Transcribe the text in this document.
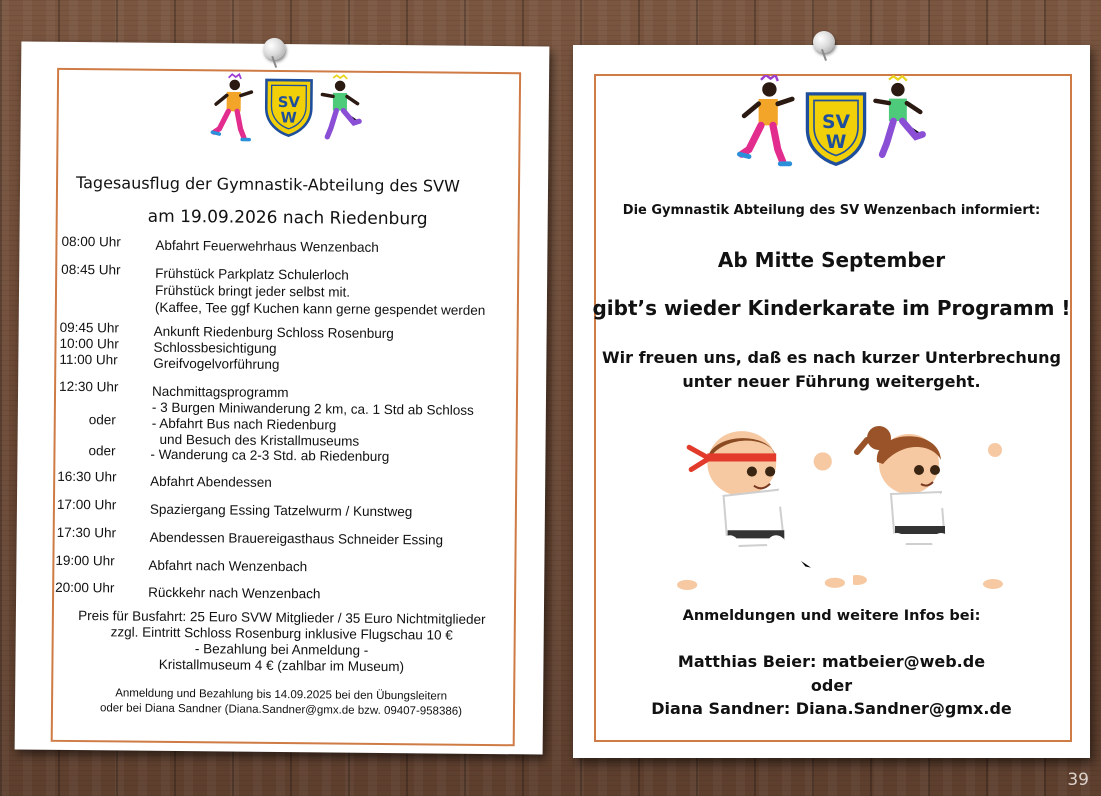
Tagesausflug der Gymnastik-Abteilung des SVW
am 19.09.2026 nach Riedenburg
08:00 Uhr	Abfahrt Feuerwehrhaus Wenzenbach
08:45 Uhr	Frühstück Parkplatz Schulerloch
Frühstück bringt jeder selbst mit.
(Kaffee, Tee ggf Kuchen kann gerne gespendet werden
09:45 Uhr	Ankunft Riedenburg Schloss Rosenburg
10:00 Uhr	Schlossbesichtigung
11:00 Uhr	Greifvogelvorführung
12:30 Uhr Nachmittagsprogramm
- 3 Burgen Miniwanderung 2 km, ca. 1 Std ab Schloss
oder	- Abfahrt Bus nach Riedenburg
und Besuch des Kristallmuseums
oder	- Wanderung ca 2-3 Std. ab Riedenburg
16:30 Uhr Abfahrt Abendessen
17:00 Uhr Spaziergang Essing Tatzelwurm / Kunstweg
17:30 Uhr Abendessen Brauereigasthaus Schneider Essing
19:00 Uhr Abfahrt nach Wenzenbach
20:00 Uhr Rückkehr nach Wenzenbach
Preis für Busfahrt: 25 Euro SVW Mitglieder / 35 Euro Nichtmitglieder
zzgl. Eintritt Schloss Rosenburg inklusive Flugschau 10 €
- Bezahlung bei Anmeldung -
Kristallmuseum 4 € (zahlbar im Museum)
Anmeldung und Bezahlung bis 14.09.2025 bei den Übungsleitern
oder bei Diana Sandner (Diana.Sandner@gmx.de bzw. 09407-958386)
Die Gymnastik Abteilung des SV Wenzenbach informiert:
Ab Mitte September
gibt’s wieder Kinderkarate im Programm !
Wir freuen uns, daß es nach kurzer Unterbrechung
unter neuer Führung weitergeht.
Anmeldungen und weitere Infos bei:
Matthias Beier: matbeier@web.de
oder
Diana Sandner: Diana.Sandner@gmx.de
39
